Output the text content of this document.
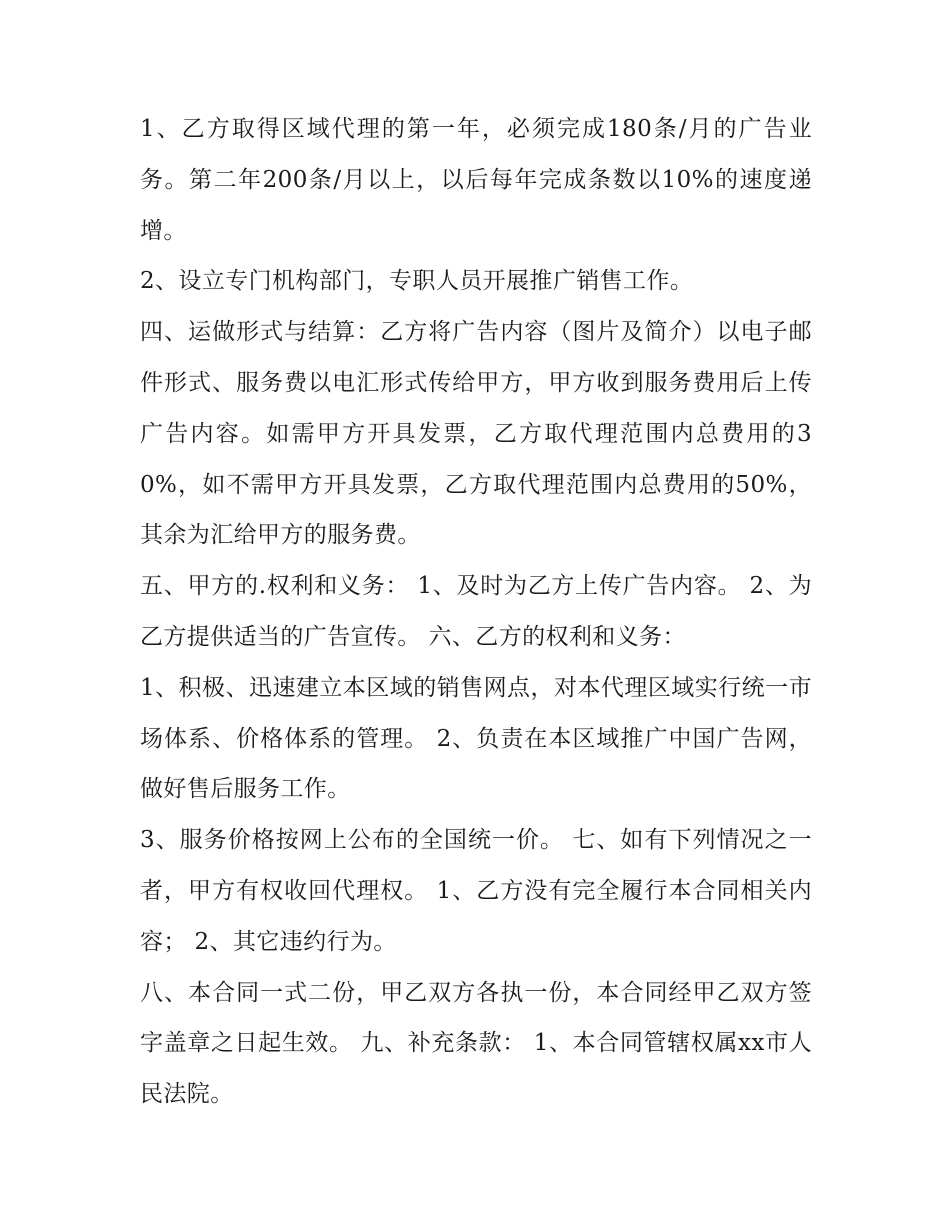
1、乙方取得区域代理的第一年，必须完成180条/月的广告业务。第二年200条/月以上，以后每年完成条数以10%的速度递增。

2、设立专门机构部门，专职人员开展推广销售工作。

四、运做形式与结算：乙方将广告内容（图片及简介）以电子邮件形式、服务费以电汇形式传给甲方，甲方收到服务费用后上传广告内容。如需甲方开具发票，乙方取代理范围内总费用的30%，如不需甲方开具发票，乙方取代理范围内总费用的50%，其余为汇给甲方的服务费。

五、甲方的.权利和义务： 1、及时为乙方上传广告内容。 2、为乙方提供适当的广告宣传。 六、乙方的权利和义务：

1、积极、迅速建立本区域的销售网点，对本代理区域实行统一市场体系、价格体系的管理。 2、负责在本区域推广中国广告网，做好售后服务工作。

3、服务价格按网上公布的全国统一价。 七、如有下列情况之一者，甲方有权收回代理权。 1、乙方没有完全履行本合同相关内容； 2、其它违约行为。

八、本合同一式二份，甲乙双方各执一份，本合同经甲乙双方签字盖章之日起生效。 九、补充条款： 1、本合同管辖权属xx市人民法院。
